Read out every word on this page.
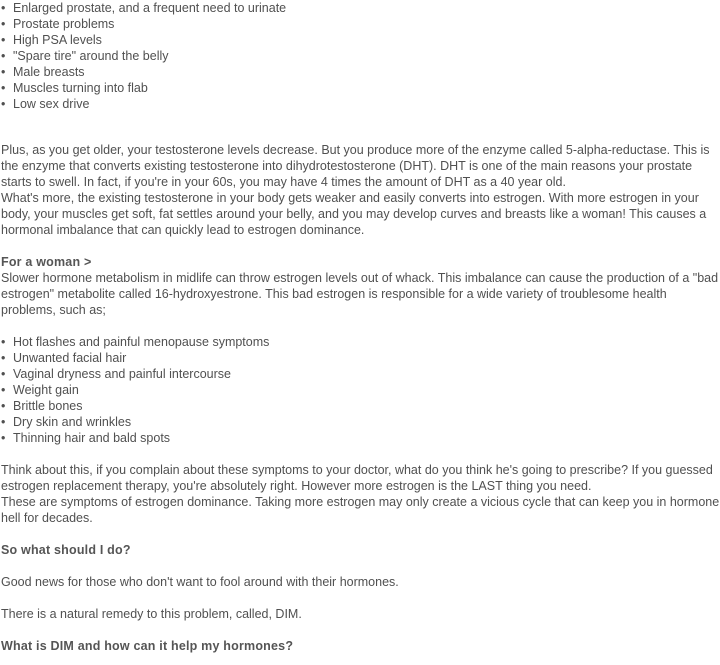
• Enlarged prostate, and a frequent need to urinate
• Prostate problems
• High PSA levels
• "Spare tire" around the belly
• Male breasts
• Muscles turning into flab
• Low sex drive

Plus, as you get older, your testosterone levels decrease. But you produce more of the enzyme called 5-alpha-reductase. This is the enzyme that converts existing testosterone into dihydrotestosterone (DHT). DHT is one of the main reasons your prostate starts to swell. In fact, if you're in your 60s, you may have 4 times the amount of DHT as a 40 year old.

What's more, the existing testosterone in your body gets weaker and easily converts into estrogen. With more estrogen in your body, your muscles get soft, fat settles around your belly, and you may develop curves and breasts like a woman! This causes a hormonal imbalance that can quickly lead to estrogen dominance.

For a woman >

Slower hormone metabolism in midlife can throw estrogen levels out of whack. This imbalance can cause the production of a "bad estrogen" metabolite called 16-hydroxyestrone. This bad estrogen is responsible for a wide variety of troublesome health problems, such as;

• Hot flashes and painful menopause symptoms
• Unwanted facial hair
• Vaginal dryness and painful intercourse
• Weight gain
• Brittle bones
• Dry skin and wrinkles
• Thinning hair and bald spots

Think about this, if you complain about these symptoms to your doctor, what do you think he's going to prescribe? If you guessed estrogen replacement therapy, you're absolutely right. However more estrogen is the LAST thing you need.

These are symptoms of estrogen dominance. Taking more estrogen may only create a vicious cycle that can keep you in hormone hell for decades.

So what should I do?

Good news for those who don't want to fool around with their hormones.

There is a natural remedy to this problem, called, DIM.

What is DIM and how can it help my hormones?
